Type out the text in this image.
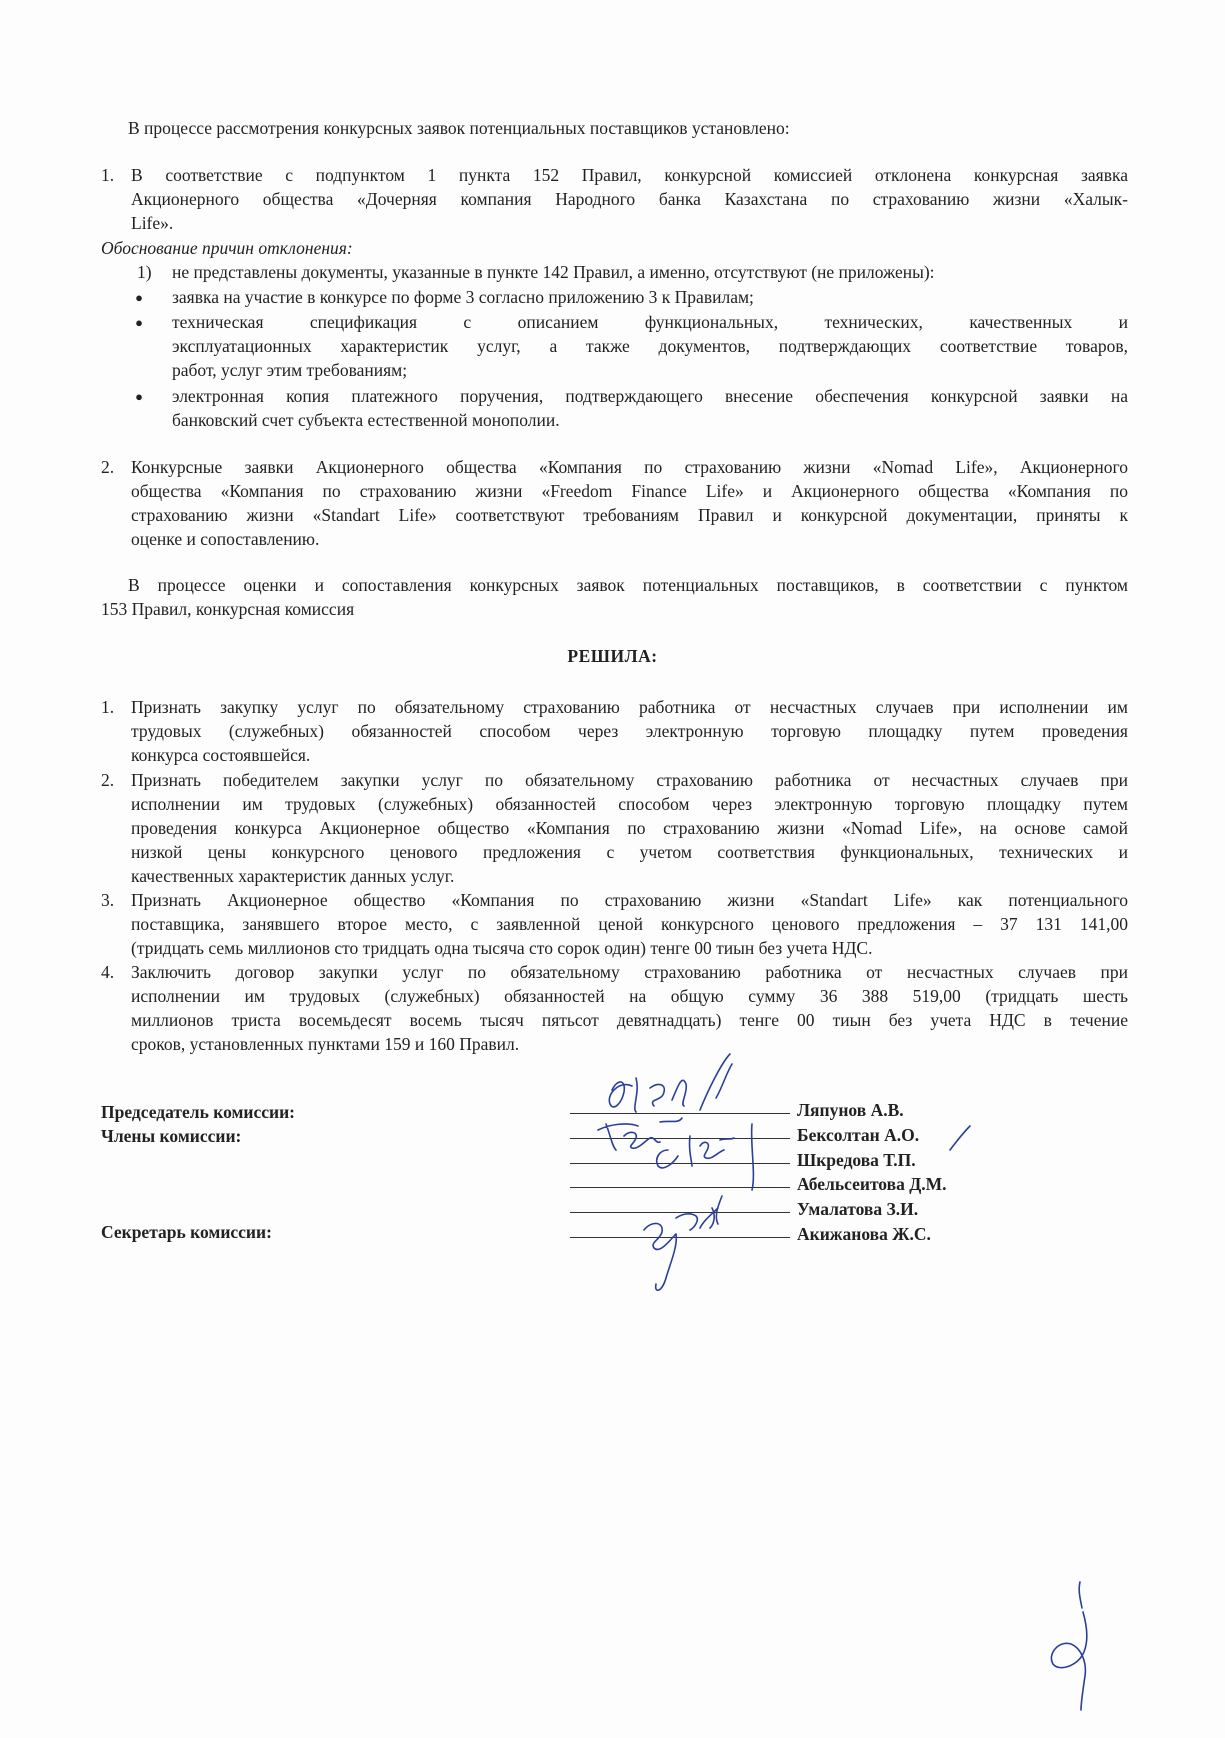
В процессе рассмотрения конкурсных заявок потенциальных поставщиков установлено:

1. В соответствие с подпунктом 1 пункта 152 Правил, конкурсной комиссией отклонена конкурсная заявка
Акционерного общества «Дочерняя компания Народного банка Казахстана по страхованию жизни «Халык-
Life».

Обоснование причин отклонения:

1) не представлены документы, указанные в пункте 142 Правил, а именно, отсутствуют (не приложены):

● заявка на участие в конкурсе по форме 3 согласно приложению 3 к Правилам;
● техническая спецификация с описанием функциональных, технических, качественных и
эксплуатационных характеристик услуг, а также документов, подтверждающих соответствие товаров,
работ, услуг этим требованиям;
● электронная копия платежного поручения, подтверждающего внесение обеспечения конкурсной заявки на
банковский счет субъекта естественной монополии.
2. Конкурсные заявки Акционерного общества «Компания по страхованию жизни «Nomad Life», Акционерного
общества «Компания по страхованию жизни «Freedom Finance Life» и Акционерного общества «Компания по
страхованию жизни «Standart Life» соответствуют требованиям Правил и конкурсной документации, приняты к
оценке и сопоставлению.
В процессе оценки и сопоставления конкурсных заявок потенциальных поставщиков, в соответствии с пунктом
153 Правил, конкурсная комиссия
РЕШИЛА:
1. Признать закупку услуг по обязательному страхованию работника от несчастных случаев при исполнении им
трудовых (служебных) обязанностей способом через электронную торговую площадку путем проведения
конкурса состоявшейся.
2. Признать победителем закупки услуг по обязательному страхованию работника от несчастных случаев при
исполнении им трудовых (служебных) обязанностей способом через электронную торговую площадку путем
проведения конкурса Акционерное общество «Компания по страхованию жизни «Nomad Life», на основе самой
низкой цены конкурсного ценового предложения с учетом соответствия функциональных, технических и
качественных характеристик данных услуг.
3. Признать Акционерное общество «Компания по страхованию жизни «Standart Life» как потенциального
поставщика, занявшего второе место, с заявленной ценой конкурсного ценового предложения – 37 131 141,00
(тридцать семь миллионов сто тридцать одна тысяча сто сорок один) тенге 00 тиын без учета НДС.
4. Заключить договор закупки услуг по обязательному страхованию работника от несчастных случаев при
исполнении им трудовых (служебных) обязанностей на общую сумму 36 388 519,00 (тридцать шесть
миллионов триста восемьдесят восемь тысяч пятьсот девятнадцать) тенге 00 тиын без учета НДС в течение
сроков, установленных пунктами 159 и 160 Правил.
Председатель комиссии:
Члены комиссии:
Секретарь комиссии:
Ляпунов А.В.
Бексолтан А.О.
Шкредова Т.П.
Абельсеитова Д.М.
Умалатова З.И.
Акижанова Ж.С.
